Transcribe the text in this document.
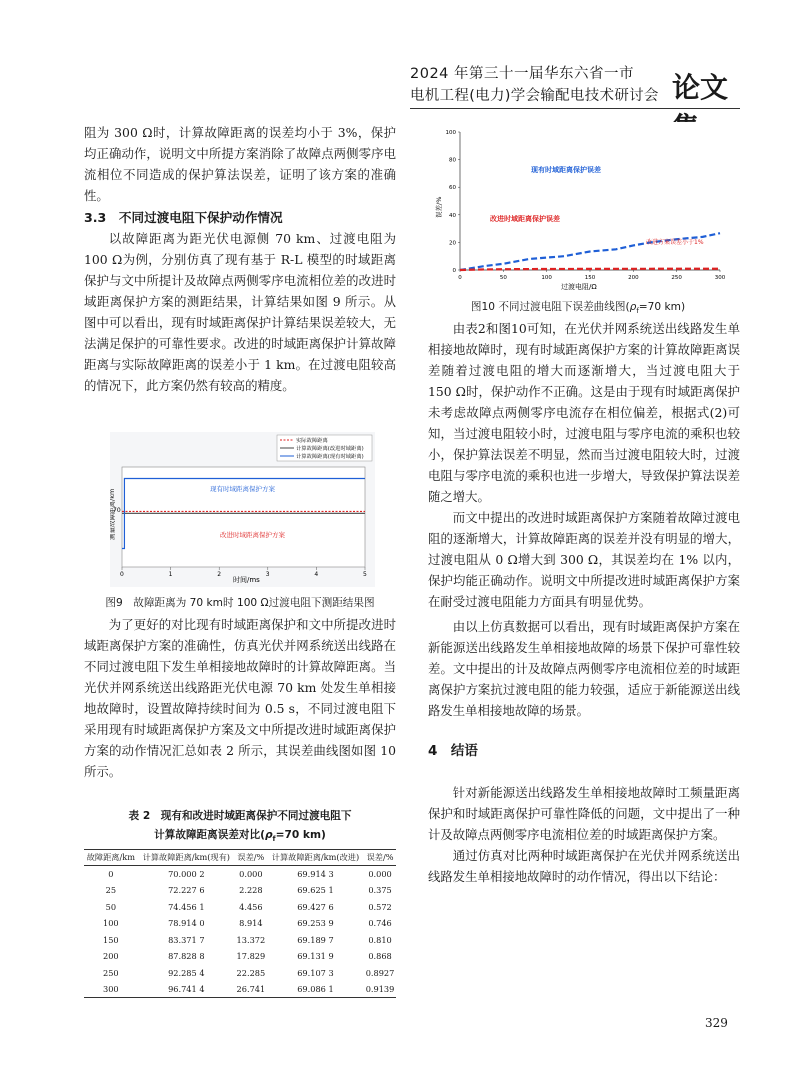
2024 年第三十一届华东六省一市
电机工程(电力)学会输配电技术研讨会 论文

阻为 300 Ω时，计算故障距离的误差均小于 3%，保护均正确动作，说明文中所提方案消除了故障点两侧零序电流相位不同造成的保护算法误差，证明了该方案的准确性。

3.3　不同过渡电阻下保护动作情况

以故障距离为距光伏电源侧 70 km、过渡电阻为 100 Ω为例，分别仿真了现有基于 R-L 模型的时域距离保护与文中所提计及故障点两侧零序电流相位差的改进时域距离保护方案的测距结果，计算结果如图 9 所示。从图中可以看出，现有时域距离保护计算结果误差较大，无法满足保护的可靠性要求。改进的时域距离保护计算故障距离与实际故障距离的误差小于 1 km。在过渡电阻较高的情况下，此方案仍然有较高的精度。

0	1	2	3	4	5
实际故障距离
计算故障距离(改进时域距离)
计算故障距离(现有时域距离)
现有时域距离保护方案
改进时域距离保护方案
测量故障距离/km
时间/ms
70
图9　故障距离为 70 km时 100 Ω过渡电阻下测距结果图

为了更好的对比现有时域距离保护和文中所提改进时域距离保护方案的准确性，仿真光伏并网系统送出线路在不同过渡电阻下发生单相接地故障时的计算故障距离。当光伏并网系统送出线路距光伏电源 70 km 处发生单相接地故障时，设置故障持续时间为 0.5 s，不同过渡电阻下采用现有时域距离保护方案及文中所提改进时域距离保护方案的动作情况汇总如表 2 所示，其误差曲线图如图 10 所示。

表 2　现有和改进时域距离保护不同过渡电阻下
计算故障距离误差对比($\rho_f=70$ km)
故障距离/km	计算故障距离/km(现有)	误差/%	计算故障距离/km(改进)	误差/%
0	70.000 2	0.000	69.914 3	0.000
25	72.227 6	2.228	69.625 1	0.375
50	74.456 1	4.456	69.427 6	0.572
100	78.914 0	8.914	69.253 9	0.746
150	83.371 7	13.372	69.189 7	0.810
200	87.828 8	17.829	69.131 9	0.868
250	92.285 4	22.285	69.107 3	0.8927
300	96.741 4	26.741	69.086 1	0.9139
0
20
40
60
80
100
0	50	100	150	200	250	300
现有时域距离保护误差
改进时域距离保护误差
改进方案误差小于1%
误差/%
过渡电阻/Ω
图10 不同过渡电阻下误差曲线图($\rho_f=70$ km)

由表2和图10可知，在光伏并网系统送出线路发生单相接地故障时，现有时域距离保护方案的计算故障距离误差随着过渡电阻的增大而逐渐增大，当过渡电阻大于 150 Ω时，保护动作不正确。这是由于现有时域距离保护未考虑故障点两侧零序电流存在相位偏差，根据式(2)可知，当过渡电阻较小时，过渡电阻与零序电流的乘积也较小，保护算法误差不明显，然而当过渡电阻较大时，过渡电阻与零序电流的乘积也进一步增大，导致保护算法误差随之增大。

而文中提出的改进时域距离保护方案随着故障过渡电阻的逐渐增大，计算故障距离的误差并没有明显的增大，过渡电阻从 0 Ω增大到 300 Ω，其误差均在 1% 以内，保护均能正确动作。说明文中所提改进时域距离保护方案在耐受过渡电阻能力方面具有明显优势。

由以上仿真数据可以看出，现有时域距离保护方案在新能源送出线路发生单相接地故障的场景下保护可靠性较差。文中提出的计及故障点两侧零序电流相位差的时域距离保护方案抗过渡电阻的能力较强，适应于新能源送出线路发生单相接地故障的场景。

4　结语

针对新能源送出线路发生单相接地故障时工频量距离保护和时域距离保护可靠性降低的问题，文中提出了一种计及故障点两侧零序电流相位差的时域距离保护方案。

通过仿真对比两种时域距离保护在光伏并网系统送出线路发生单相接地故障时的动作情况，得出以下结论：

329
